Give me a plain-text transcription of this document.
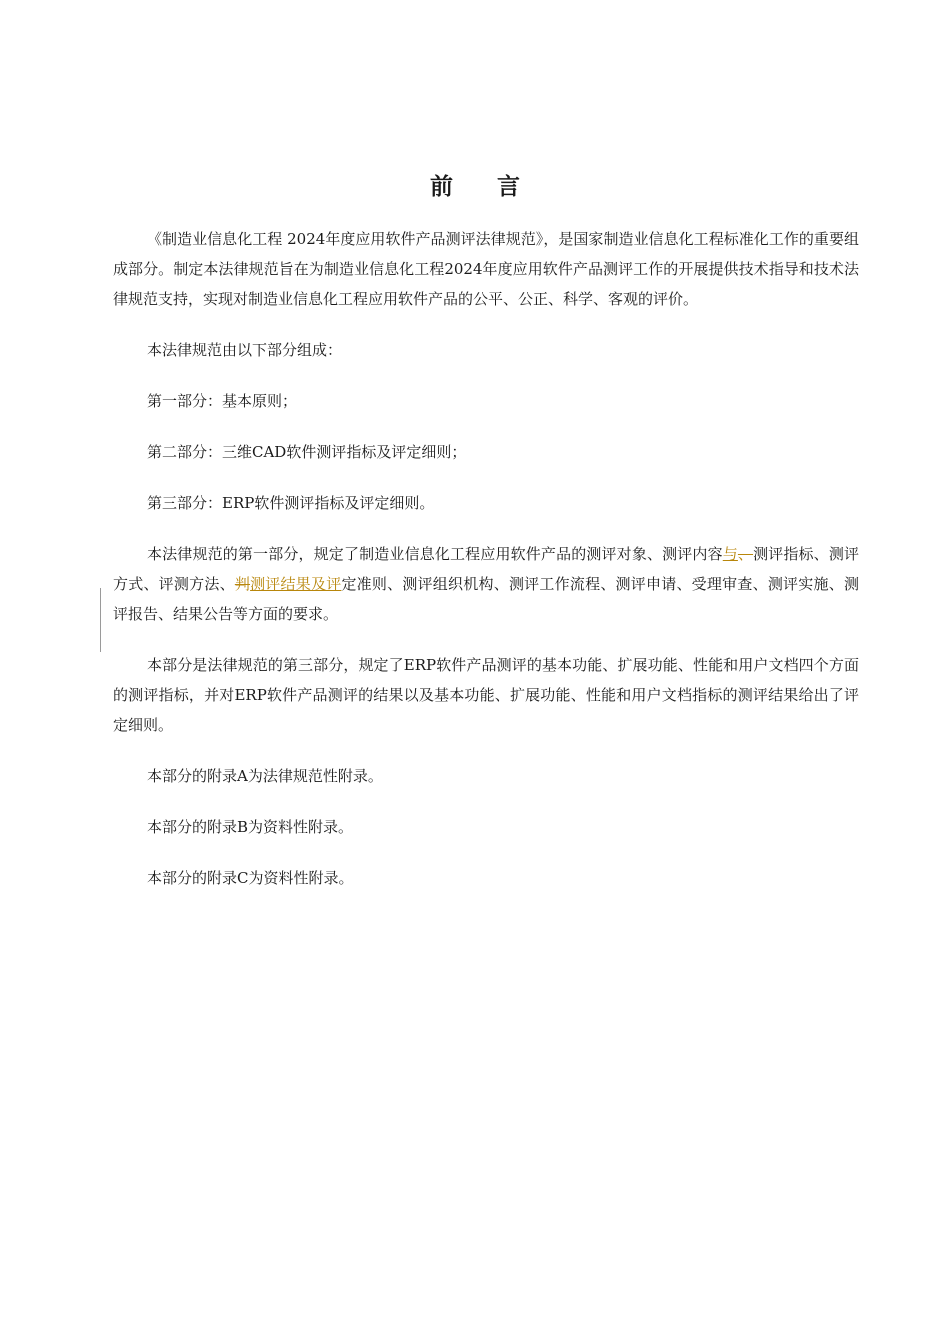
前 言

《制造业信息化工程 2024年度应用软件产品测评法律规范》，是国家制造业信息化工程标准化工作的重要组成部分。制定本法律规范旨在为制造业信息化工程2024年度应用软件产品测评工作的开展提供技术指导和技术法律规范支持，实现对制造业信息化工程应用软件产品的公平、公正、科学、客观的评价。

本法律规范由以下部分组成：

第一部分：基本原则；

第二部分：三维CAD软件测评指标及评定细则；

第三部分：ERP软件测评指标及评定细则。

本法律规范的第一部分，规定了制造业信息化工程应用软件产品的测评对象、测评内容与、测评指标、测评方式、评测方法、判测评结果及评定准则、测评组织机构、测评工作流程、测评申请、受理审查、测评实施、测评报告、结果公告等方面的要求。

本部分是法律规范的第三部分，规定了ERP软件产品测评的基本功能、扩展功能、性能和用户文档四个方面的测评指标，并对ERP软件产品测评的结果以及基本功能、扩展功能、性能和用户文档指标的测评结果给出了评定细则。

本部分的附录A为法律规范性附录。

本部分的附录B为资料性附录。

本部分的附录C为资料性附录。
